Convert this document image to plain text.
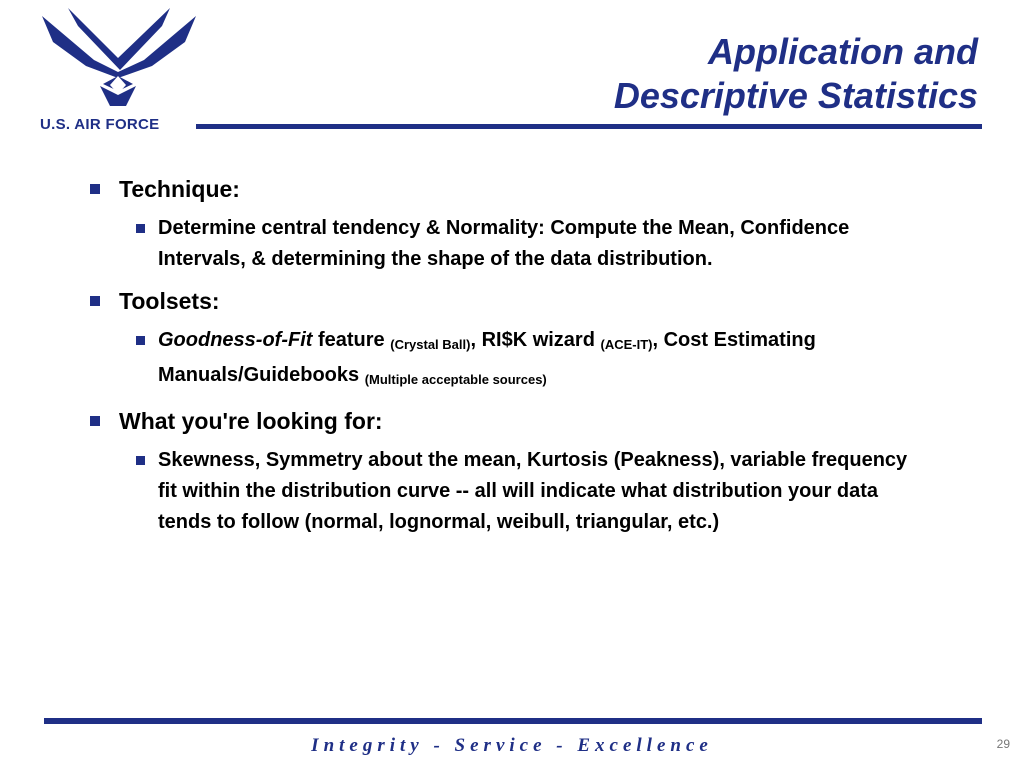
U.S. AIR FORCE
Application and
Descriptive Statistics
Technique:
Determine central tendency & Normality: Compute the Mean, Confidence Intervals, & determining the shape of the data distribution.
Toolsets:
Goodness-of-Fit feature (Crystal Ball), RI$K wizard (ACE-IT), Cost Estimating Manuals/Guidebooks (Multiple acceptable sources)
What you're looking for:
Skewness, Symmetry about the mean, Kurtosis (Peakness), variable frequency fit within the distribution curve -- all will indicate what distribution your data tends to follow (normal, lognormal, weibull, triangular, etc.)
Integrity - Service - Excellence	29
